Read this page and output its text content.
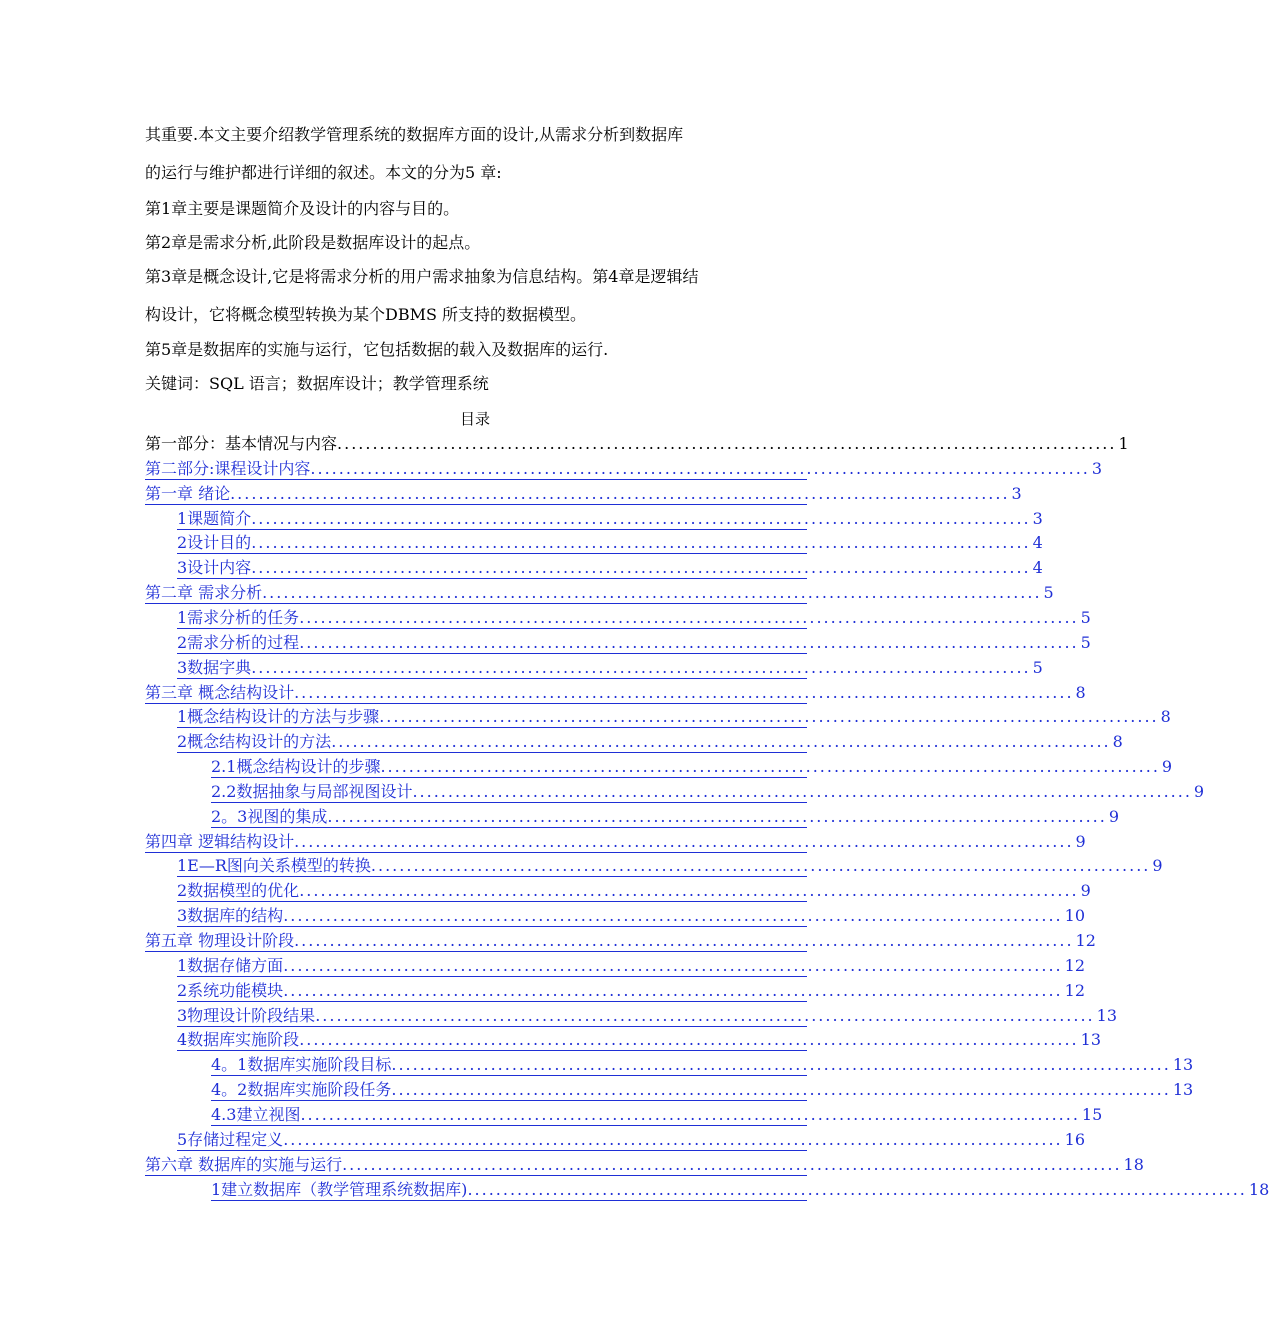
其重要.本文主要介绍教学管理系统的数据库方面的设计,从需求分析到数据库
的运行与维护都进行详细的叙述。本文的分为5 章:
第1章主要是课题简介及设计的内容与目的。
第2章是需求分析,此阶段是数据库设计的起点。
第3章是概念设计,它是将需求分析的用户需求抽象为信息结构。第4章是逻辑结
构设计，它将概念模型转换为某个DBMS 所支持的数据模型。
第5章是数据库的实施与运行，它包括数据的载入及数据库的运行.
关键词：SQL 语言；数据库设计；教学管理系统
目录
第一部分：基本情况与内容 .............................................................................................................. 1
第二部分:课程设计内容 .............................................................................................................. 3
第一章 绪论 .............................................................................................................. 3
1课题简介 .............................................................................................................. 3
2设计目的 .............................................................................................................. 4
3设计内容 .............................................................................................................. 4
第二章 需求分析 .............................................................................................................. 5
1需求分析的任务 .............................................................................................................. 5
2需求分析的过程 .............................................................................................................. 5
3数据字典 .............................................................................................................. 5
第三章 概念结构设计 .............................................................................................................. 8
1概念结构设计的方法与步骤 .............................................................................................................. 8
2概念结构设计的方法 .............................................................................................................. 8
2.1概念结构设计的步骤 .............................................................................................................. 9
2.2数据抽象与局部视图设计 .............................................................................................................. 9
2。3视图的集成 .............................................................................................................. 9
第四章 逻辑结构设计 .............................................................................................................. 9
1E—R图向关系模型的转换 .............................................................................................................. 9
2数据模型的优化 .............................................................................................................. 9
3数据库的结构 .............................................................................................................. 10
第五章 物理设计阶段 .............................................................................................................. 12
1数据存储方面 .............................................................................................................. 12
2系统功能模块 .............................................................................................................. 12
3物理设计阶段结果 .............................................................................................................. 13
4数据库实施阶段 .............................................................................................................. 13
4。1数据库实施阶段目标 .............................................................................................................. 13
4。2数据库实施阶段任务 .............................................................................................................. 13
4.3建立视图 .............................................................................................................. 15
5存储过程定义 .............................................................................................................. 16
第六章 数据库的实施与运行 .............................................................................................................. 18
1建立数据库（教学管理系统数据库) .............................................................................................................. 18
